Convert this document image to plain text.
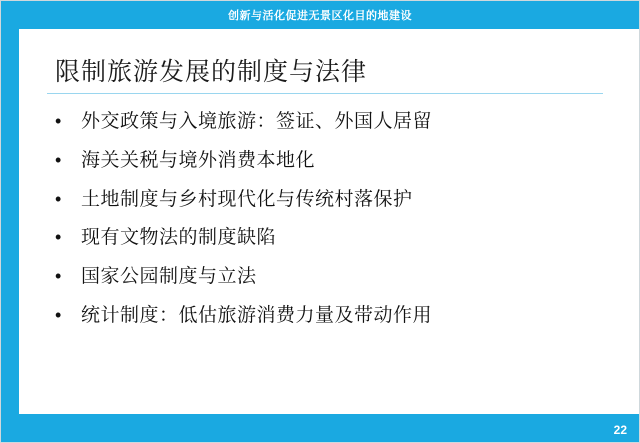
创新与活化促进无景区化目的地建设
限制旅游发展的制度与法律
•	外交政策与入境旅游：签证、外国人居留
•	海关关税与境外消费本地化
•	土地制度与乡村现代化与传统村落保护
•	现有文物法的制度缺陷
•	国家公园制度与立法
•	统计制度：低估旅游消费力量及带动作用
22
